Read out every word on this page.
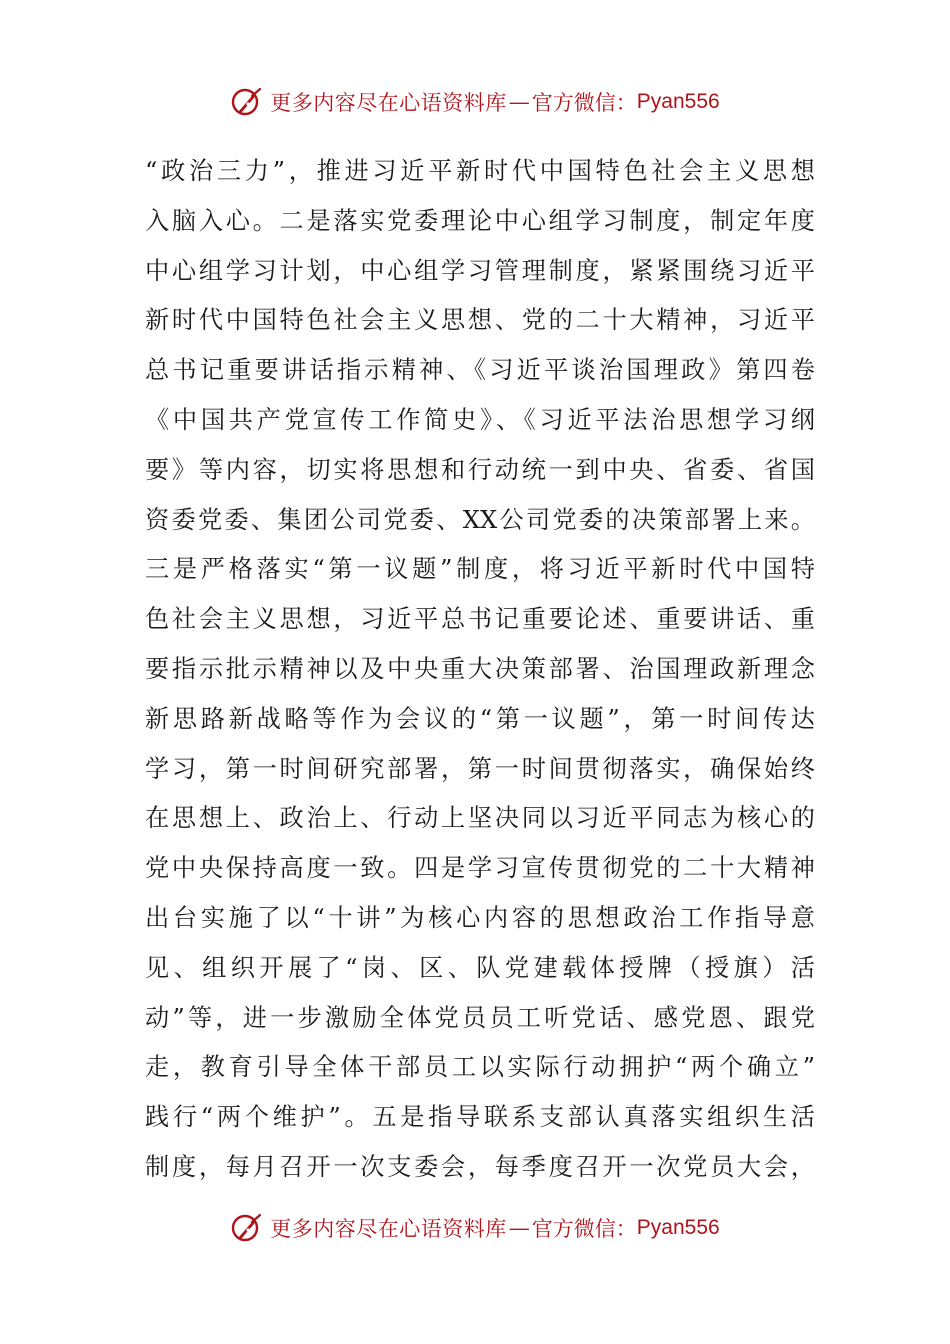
更多内容尽在心语资料库 — 官方微信： Pyan556
“政治三力”，推进习近平新时代中国特色社会主义思想
入脑入心。二是落实党委理论中心组学习制度，制定年度
中心组学习计划，中心组学习管理制度，紧紧围绕习近平
新时代中国特色社会主义思想、党的二十大精神，习近平
总书记重要讲话指示精神、《习近平谈治国理政》第四卷
《中国共产党宣传工作简史》、《习近平法治思想学习纲
要》等内容，切实将思想和行动统一到中央、省委、省国
资委党委、集团公司党委、XX公司党委的决策部署上来。
三是严格落实“第一议题”制度，将习近平新时代中国特
色社会主义思想，习近平总书记重要论述、重要讲话、重
要指示批示精神以及中央重大决策部署、治国理政新理念
新思路新战略等作为会议的“第一议题”，第一时间传达
学习，第一时间研究部署，第一时间贯彻落实，确保始终
在思想上、政治上、行动上坚决同以习近平同志为核心的
党中央保持高度一致。四是学习宣传贯彻党的二十大精神
出台实施了以“十讲”为核心内容的思想政治工作指导意
见、组织开展了“岗、区、队党建载体授牌（授旗）活
动”等，进一步激励全体党员员工听党话、感党恩、跟党
走，教育引导全体干部员工以实际行动拥护“两个确立”
践行“两个维护”。五是指导联系支部认真落实组织生活
制度，每月召开一次支委会，每季度召开一次党员大会，
更多内容尽在心语资料库 — 官方微信： Pyan556
